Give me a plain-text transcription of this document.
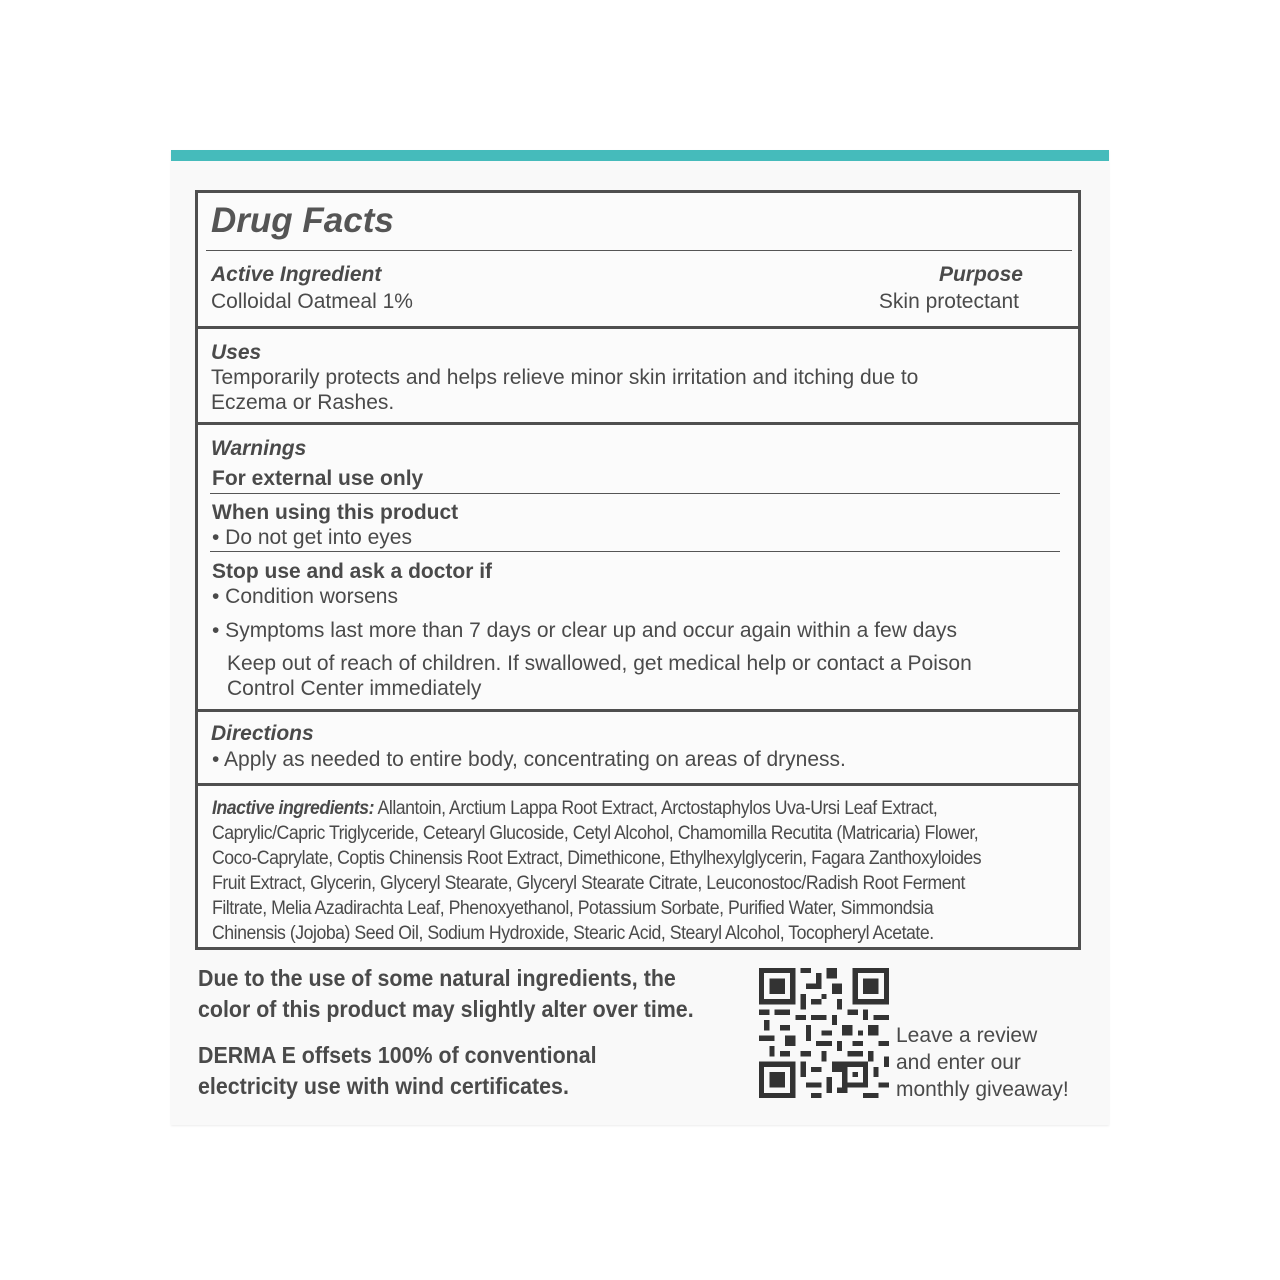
Drug Facts
Active Ingredient
Colloidal Oatmeal 1%
Purpose
Skin protectant
Uses
Temporarily protects and helps relieve minor skin irritation and itching due to
Eczema or Rashes.
Warnings
For external use only
When using this product
• Do not get into eyes
Stop use and ask a doctor if
• Condition worsens
• Symptoms last more than 7 days or clear up and occur again within a few days
Keep out of reach of children. If swallowed, get medical help or contact a Poison
Control Center immediately
Directions
• Apply as needed to entire body, concentrating on areas of dryness.
Inactive ingredients: Allantoin, Arctium Lappa Root Extract, Arctostaphylos Uva-Ursi Leaf Extract,
Caprylic/Capric Triglyceride, Cetearyl Glucoside, Cetyl Alcohol, Chamomilla Recutita (Matricaria) Flower,
Coco-Caprylate, Coptis Chinensis Root Extract, Dimethicone, Ethylhexylglycerin, Fagara Zanthoxyloides
Fruit Extract, Glycerin, Glyceryl Stearate, Glyceryl Stearate Citrate, Leuconostoc/Radish Root Ferment
Filtrate, Melia Azadirachta Leaf, Phenoxyethanol, Potassium Sorbate, Purified Water, Simmondsia
Chinensis (Jojoba) Seed Oil, Sodium Hydroxide, Stearic Acid, Stearyl Alcohol, Tocopheryl Acetate.
Due to the use of some natural ingredients, the
color of this product may slightly alter over time.
DERMA E offsets 100% of conventional
electricity use with wind certificates.
Leave a review
and enter our
monthly giveaway!
